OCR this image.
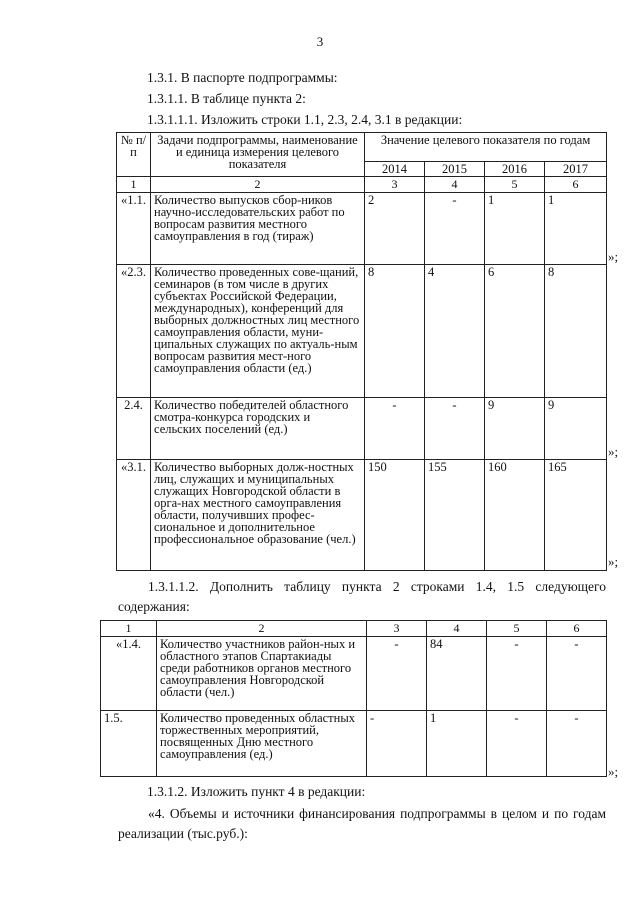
3
1.3.1. В паспорте подпрограммы:
1.3.1.1. В таблице пункта 2:
1.3.1.1.1. Изложить строки 1.1, 2.3, 2.4, 3.1 в редакции:
№ п/п	Задачи подпрограммы, наименование и единица измерения целевого показателя	Значение целевого показателя по годам			
		2014	2015	2016	2017
1	2	3	4	5	6
«1.1.	Количество выпусков сбор-ников научно-исследовательских работ по вопросам развития местного самоуправления в год (тираж)	2	-	1	1
«2.3.	Количество проведенных сове-щаний, семинаров (в том числе в других субъектах Российской Федерации, международных), конференций для выборных должностных лиц местного самоуправления области, муни-ципальных служащих по актуаль-ным вопросам развития мест-ного самоуправления области (ед.)	8	4	6	8
2.4.	Количество победителей областного смотра-конкурса городских и сельских поселений (ед.)	-	-	9	9
«3.1.	Количество выборных долж-ностных лиц, служащих и муниципальных служащих Новгородской области в орга-нах местного самоуправления области, получивших профес-сиональное и дополнительное профессиональное образование (чел.)	150	155	160	165
»;
»;
»;
1.3.1.1.2. Дополнить таблицу пункта 2 строками 1.4, 1.5 следующего содержания:
1	2	3	4	5	6
«1.4.	Количество участников район-ных и областного этапов Спартакиады среди работников органов местного самоуправления Новгородской области (чел.)	-	84	-	-
1.5.	Количество проведенных областных торжественных мероприятий, посвященных Дню местного самоуправления (ед.)	-	1	-	-
»;
1.3.1.2. Изложить пункт 4 в редакции:
«4. Объемы и источники финансирования подпрограммы в целом и по годам реализации (тыс.руб.):
